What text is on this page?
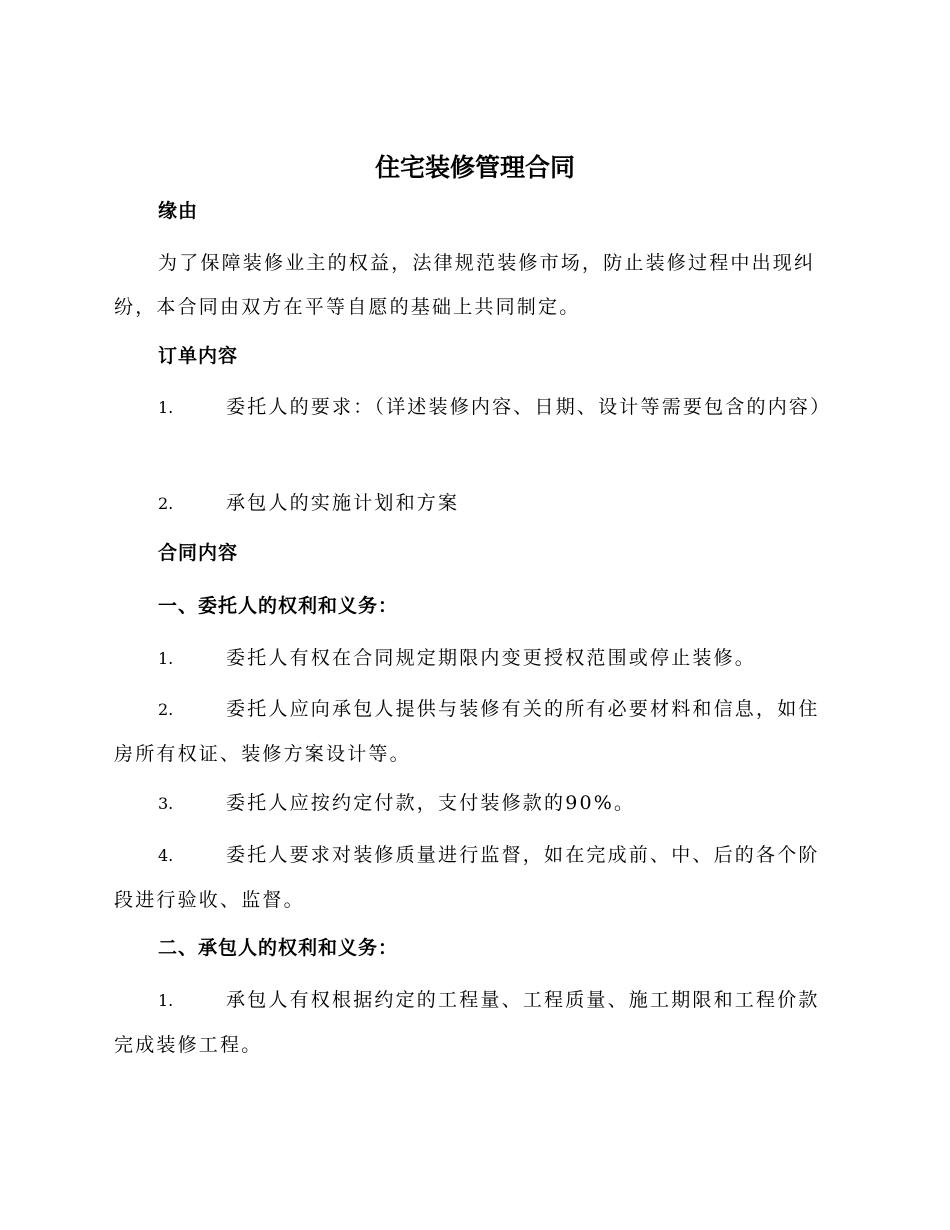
住宅装修管理合同
缘由

为了保障装修业主的权益，法律规范装修市场，防止装修过程中出现纠纷，本合同由双方在平等自愿的基础上共同制定。

订单内容

1.	委托人的要求：（详述装修内容、日期、设计等需要包含的内容）

2.	承包人的实施计划和方案

合同内容
一、委托人的权利和义务：

1.	委托人有权在合同规定期限内变更授权范围或停止装修。

2.	委托人应向承包人提供与装修有关的所有必要材料和信息，如住房所有权证、装修方案设计等。

3.	委托人应按约定付款，支付装修款的90%。

4.	委托人要求对装修质量进行监督，如在完成前、中、后的各个阶段进行验收、监督。

二、承包人的权利和义务：

1.	承包人有权根据约定的工程量、工程质量、施工期限和工程价款完成装修工程。
